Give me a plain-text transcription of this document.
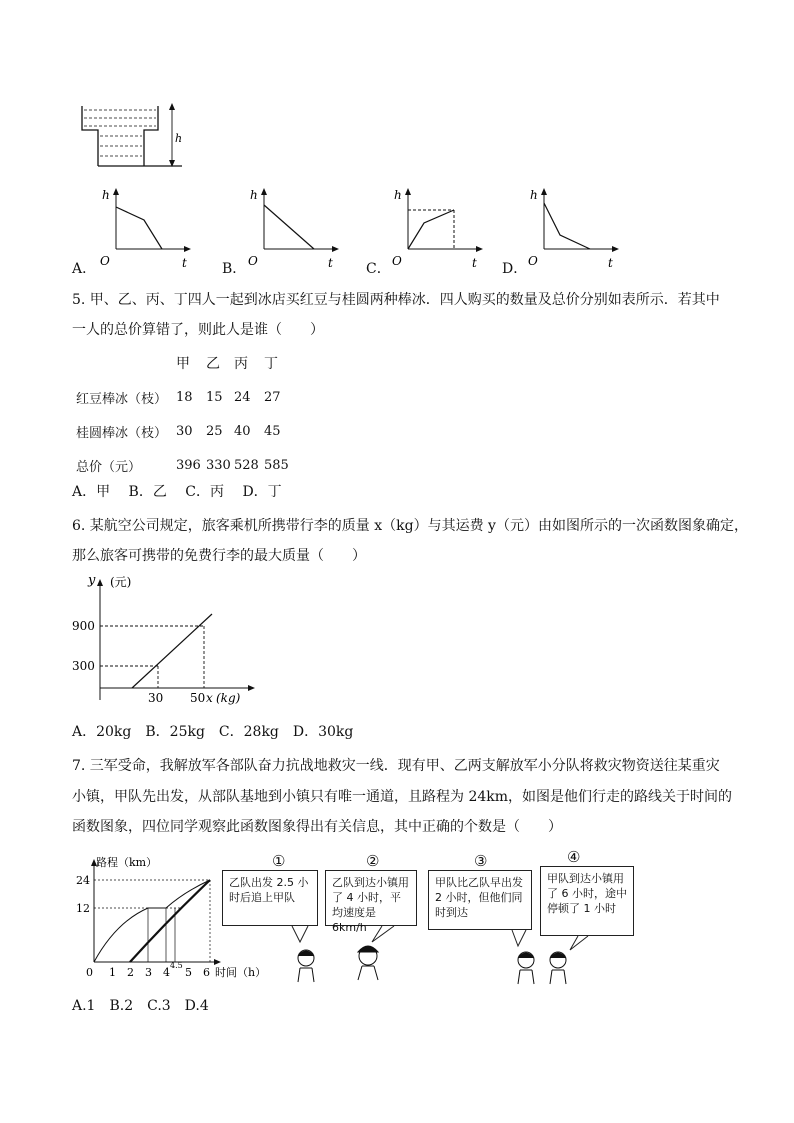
h
A．
h
t
O	B．
h
t
O	C．
h
t
O	D．
h
t
O
5. 甲、乙、丙、丁四人一起到冰店买红豆与桂圆两种棒冰．四人购买的数量及总价分别如表所示．若其中
一人的总价算错了，则此人是谁（　　）
	甲	乙	丙	丁
红豆棒冰（枝）	18	15	24	27
桂圆棒冰（枝）	30	25	40	45
总价（元）	396	330	528	585
A．甲　 B．乙　 C．丙　 D．丁
6. 某航空公司规定，旅客乘机所携带行李的质量 x（kg）与其运费 y（元）由如图所示的一次函数图象确定，
那么旅客可携带的免费行李的最大质量（　　）
y (元)
900
300
30 50 x (kg)
A．20kg　B．25kg　C．28kg　D．30kg
7. 三军受命，我解放军各部队奋力抗战地救灾一线．现有甲、乙两支解放军小分队将救灾物资送往某重灾
小镇，甲队先出发，从部队基地到小镇只有唯一通道，且路程为 24km，如图是他们行走的路线关于时间的
函数图象，四位同学观察此函数图象得出有关信息，其中正确的个数是（　　）
路程（km）
24
12
0 1 2 3 4
4.5
5 6 时间（h）
①
乙队出发 2.5 小时后追上甲队
②
乙队到达小镇用了 4 小时，平均速度是 6km/h
③
甲队比乙队早出发 2 小时，但他们同时到达
④
甲队到达小镇用了 6 小时，途中停顿了 1 小时
A.1　B.2　C.3　D.4
